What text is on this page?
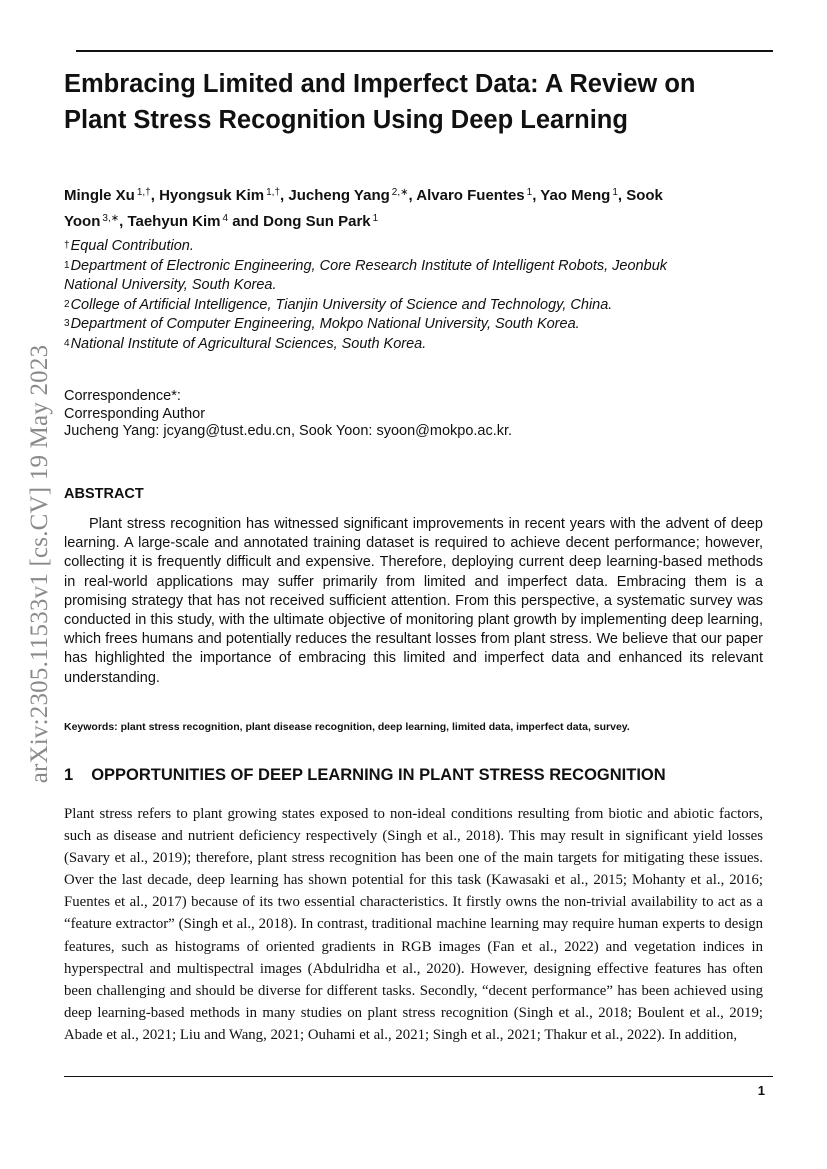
arXiv:2305.11533v1 [cs.CV] 19 May 2023
Embracing Limited and Imperfect Data: A Review on Plant Stress Recognition Using Deep Learning

Mingle Xu $^{1,\dagger}$, Hyongsuk Kim $^{1,\dagger}$, Jucheng Yang $^{2,∗}$, Alvaro Fuentes $^1$, Yao Meng $^1$, Sook Yoon $^{3,∗}$, Taehyun Kim $^4$ and Dong Sun Park $^1$

†Equal Contribution.

$^1$Department of Electronic Engineering, Core Research Institute of Intelligent Robots, Jeonbuk National University, South Korea.

$^2$College of Artificial Intelligence, Tianjin University of Science and Technology, China.

$^3$Department of Computer Engineering, Mokpo National University, South Korea.

$^4$National Institute of Agricultural Sciences, South Korea.

Correspondence*:

Corresponding Author

Jucheng Yang: jcyang@tust.edu.cn, Sook Yoon: syoon@mokpo.ac.kr.

ABSTRACT

Plant stress recognition has witnessed significant improvements in recent years with the advent of deep learning. A large-scale and annotated training dataset is required to achieve decent performance; however, collecting it is frequently difficult and expensive. Therefore, deploying current deep learning-based methods in real-world applications may suffer primarily from limited and imperfect data. Embracing them is a promising strategy that has not received sufficient attention. From this perspective, a systematic survey was conducted in this study, with the ultimate objective of monitoring plant growth by implementing deep learning, which frees humans and potentially reduces the resultant losses from plant stress. We believe that our paper has highlighted the importance of embracing this limited and imperfect data and enhanced its relevant understanding.

Keywords: plant stress recognition, plant disease recognition, deep learning, limited data, imperfect data, survey.

1 OPPORTUNITIES OF DEEP LEARNING IN PLANT STRESS RECOGNITION

Plant stress refers to plant growing states exposed to non-ideal conditions resulting from biotic and abiotic factors, such as disease and nutrient deficiency respectively (Singh et al., 2018). This may result in significant yield losses (Savary et al., 2019); therefore, plant stress recognition has been one of the main targets for mitigating these issues. Over the last decade, deep learning has shown potential for this task (Kawasaki et al., 2015; Mohanty et al., 2016; Fuentes et al., 2017) because of its two essential characteristics. It firstly owns the non-trivial availability to act as a “feature extractor” (Singh et al., 2018). In contrast, traditional machine learning may require human experts to design features, such as histograms of oriented gradients in RGB images (Fan et al., 2022) and vegetation indices in hyperspectral and multispectral images (Abdulridha et al., 2020). However, designing effective features has often been challenging and should be diverse for different tasks. Secondly, “decent performance” has been achieved using deep learning-based methods in many studies on plant stress recognition (Singh et al., 2018; Boulent et al., 2019; Abade et al., 2021; Liu and Wang, 2021; Ouhami et al., 2021; Singh et al., 2021; Thakur et al., 2022). In addition,

1
